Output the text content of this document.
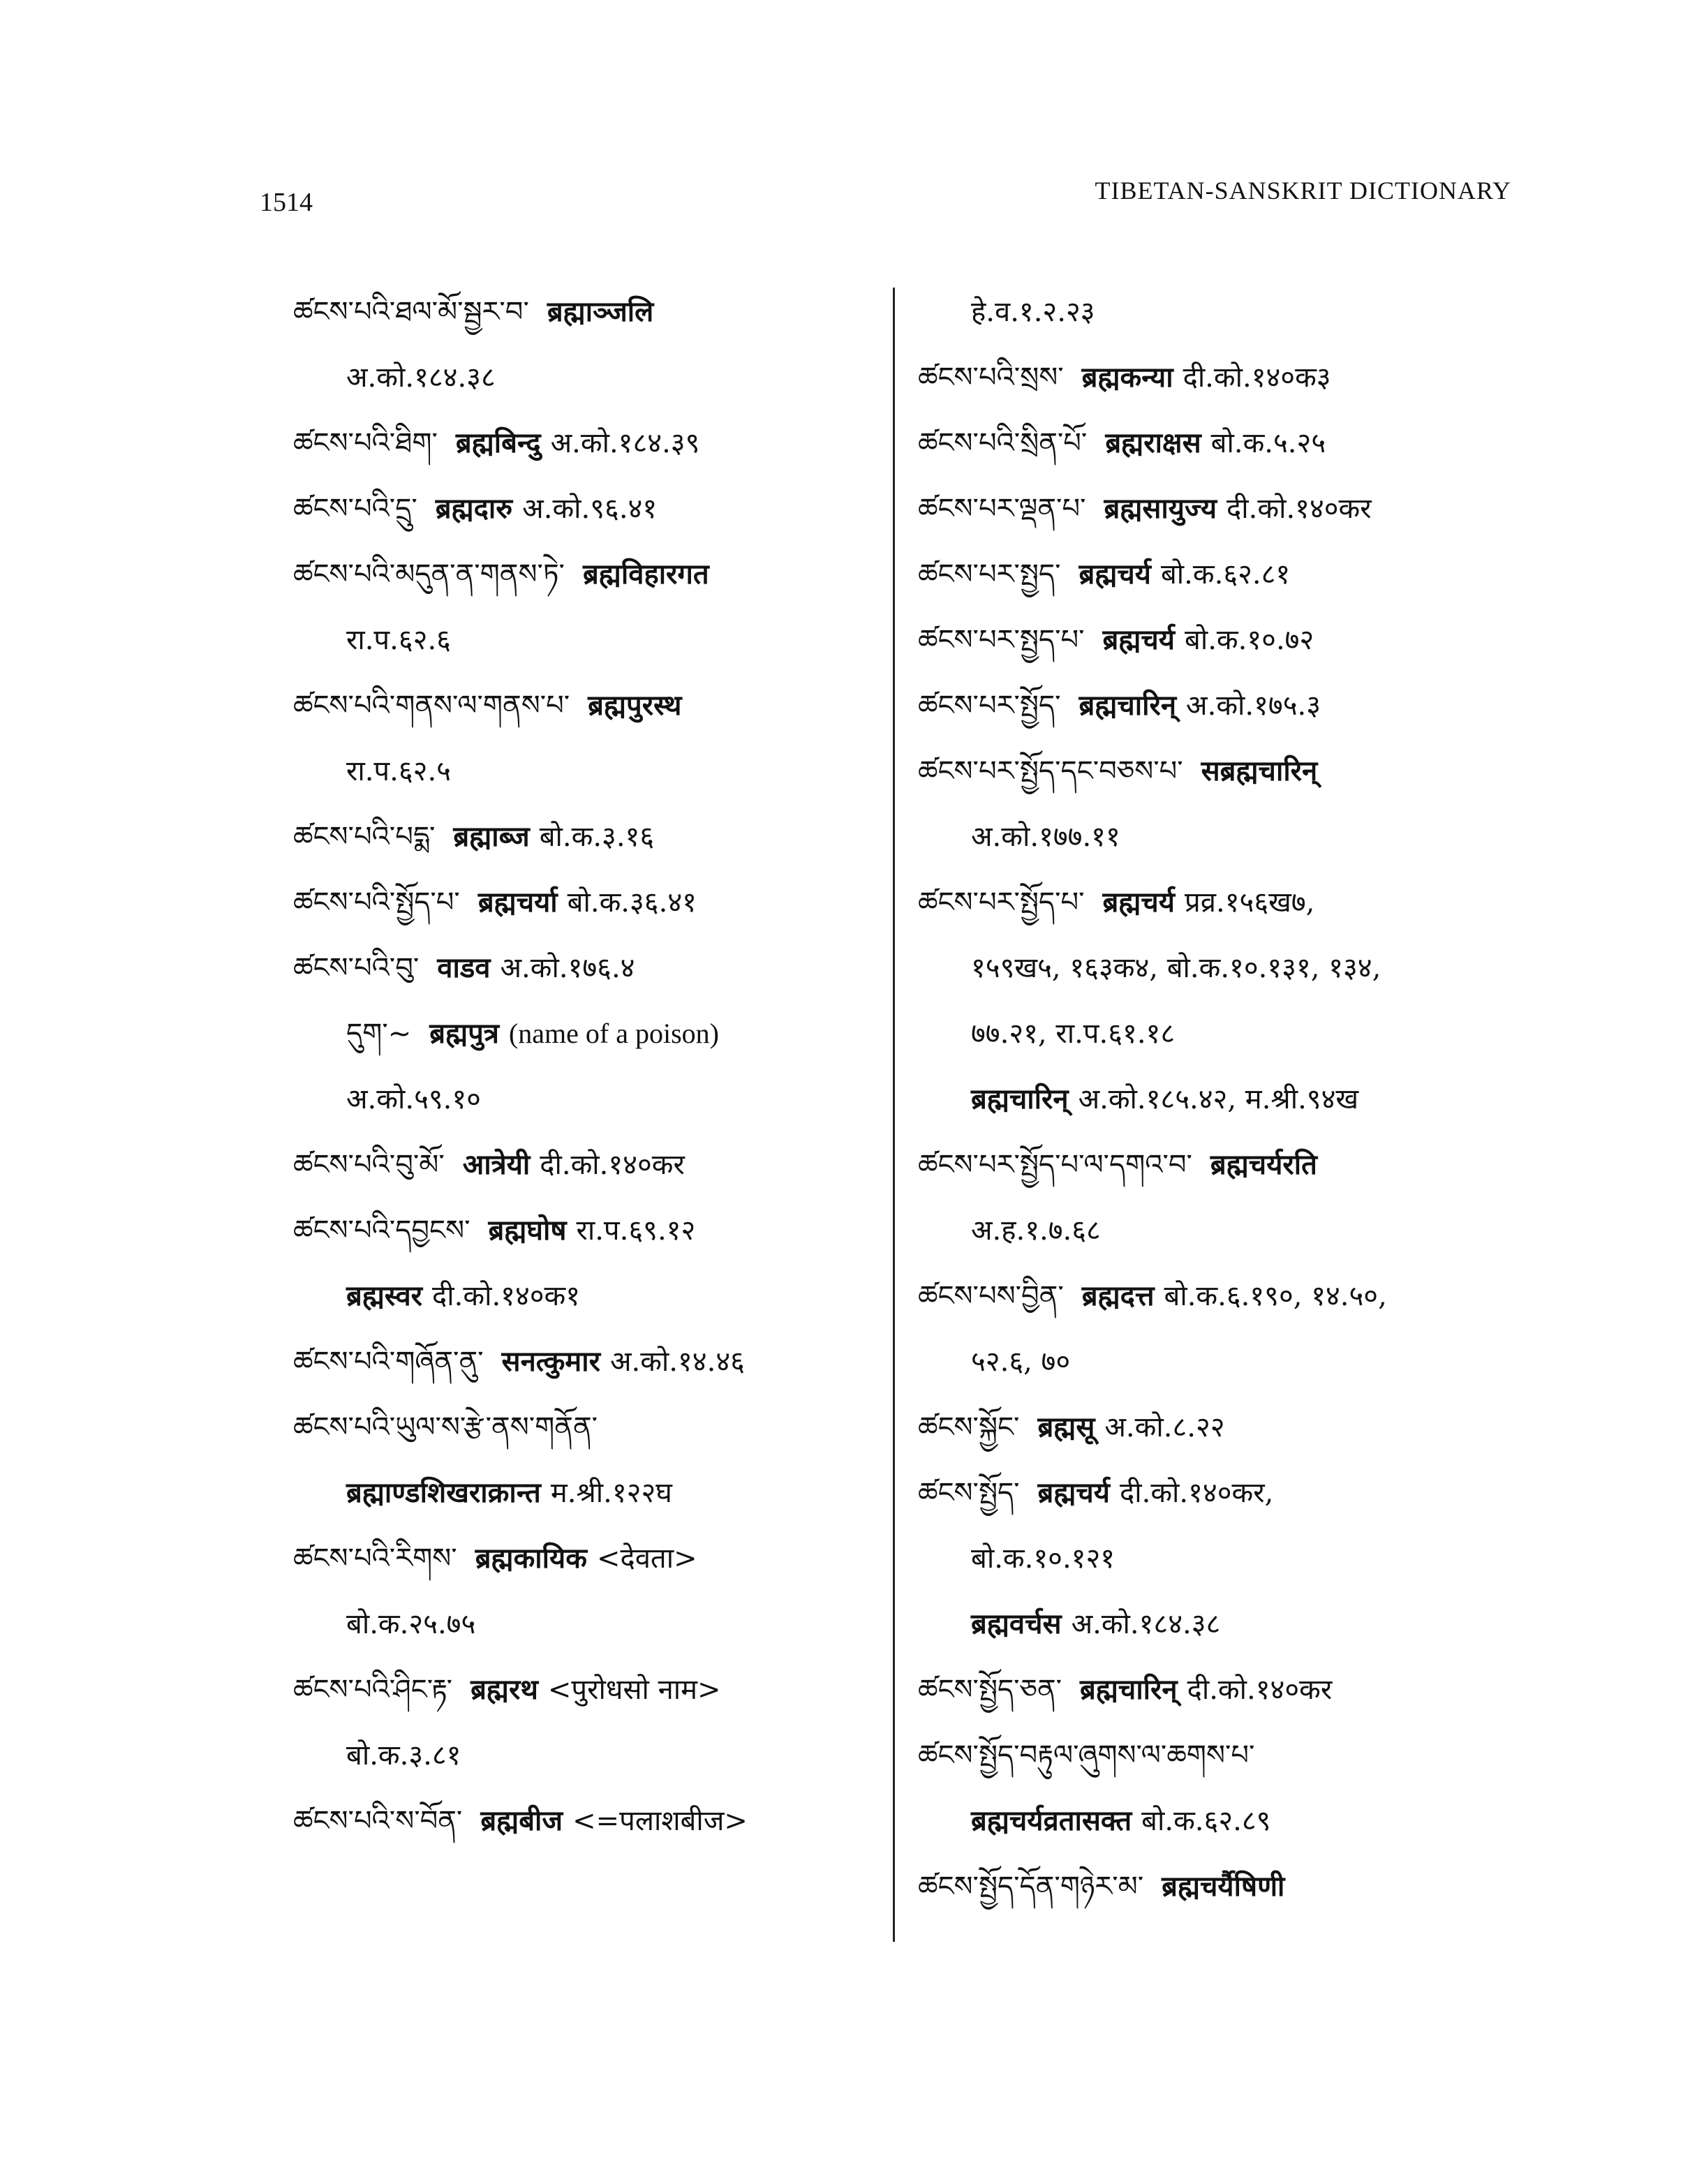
1514	TIBETAN-SANSKRIT DICTIONARY
ཚངས་པའི་ཐལ་མོ་སྦྱར་བ་ ब्रह्माञ्जलि
अ.को.१८४.३८
ཚངས་པའི་ཐིག་ ब्रह्मबिन्दु अ.को.१८४.३९
ཚངས་པའི་དྲུ་ ब्रह्मदारु अ.को.९६.४१
ཚངས་པའི་མདུན་ན་གནས་ཏེ་ ब्रह्मविहारगत
रा.प.६२.६
ཚངས་པའི་གནས་ལ་གནས་པ་ ब्रह्मपुरस्थ
रा.प.६२.५
ཚངས་པའི་པདྨ་ ब्रह्माब्ज बो.क.३.१६
ཚངས་པའི་སྤྱོད་པ་ ब्रह्मचर्या बो.क.३६.४१
ཚངས་པའི་བུ་ वाडव अ.को.१७६.४
དུག་~ ब्रह्मपुत्र (name of a poison)
अ.को.५९.१०
ཚངས་པའི་བུ་མོ་ आत्रेयी दी.को.१४०कर
ཚངས་པའི་དབྱངས་ ब्रह्मघोष रा.प.६९.१२
ब्रह्मस्वर दी.को.१४०क१
ཚངས་པའི་གཞོན་ནུ་ सनत्कुमार अ.को.१४.४६
ཚངས་པའི་ཡུལ་ས་རྩེ་ནས་གནོན་
ब्रह्माण्डशिखराक्रान्त म.श्री.१२२घ
ཚངས་པའི་རིགས་ ब्रह्मकायिक <देवता>
बो.क.२५.७५
ཚངས་པའི་ཤིང་རྟ་ ब्रह्मरथ <पुरोधसो नाम>
बो.क.३.८१
ཚངས་པའི་ས་བོན་ ब्रह्मबीज <=पलाशबीज>
हे.व.१.२.२३
ཚངས་པའི་སྲས་ ब्रह्मकन्या दी.को.१४०क३
ཚངས་པའི་སྲིན་པོ་ ब्रह्मराक्षस बो.क.५.२५
ཚངས་པར་ལྡན་པ་ ब्रह्मसायुज्य दी.को.१४०कर
ཚངས་པར་སྤྱད་ ब्रह्मचर्य बो.क.६२.८१
ཚངས་པར་སྤྱད་པ་ ब्रह्मचर्य बो.क.१०.७२
ཚངས་པར་སྤྱོད་ ब्रह्मचारिन् अ.को.१७५.३
ཚངས་པར་སྤྱོད་དང་བཅས་པ་ सब्रह्मचारिन्
अ.को.१७७.११
ཚངས་པར་སྤྱོད་པ་ ब्रह्मचर्य प्रव्र.१५६ख७,
१५९ख५, १६३क४, बो.क.१०.१३१, १३४,
७७.२१, रा.प.६१.१८
ब्रह्मचारिन् अ.को.१८५.४२, म.श्री.९४ख
ཚངས་པར་སྤྱོད་པ་ལ་དགའ་བ་ ब्रह्मचर्यरति
अ.ह.१.७.६८
ཚངས་པས་བྱིན་ ब्रह्मदत्त बो.क.६.१९०, १४.५०,
५२.६, ७०
ཚངས་སྐྱོང་ ब्रह्मसू अ.को.८.२२
ཚངས་སྤྱོད་ ब्रह्मचर्य दी.को.१४०कर,
बो.क.१०.१२१
ब्रह्मवर्चस अ.को.१८४.३८
ཚངས་སྤྱོད་ཅན་ ब्रह्मचारिन् दी.को.१४०कर
ཚངས་སྤྱོད་བརྟུལ་ཞུགས་ལ་ཆགས་པ་
ब्रह्मचर्यव्रतासक्त बो.क.६२.८९
ཚངས་སྤྱོད་དོན་གཉེར་མ་ ब्रह्मचर्यैषिणी
